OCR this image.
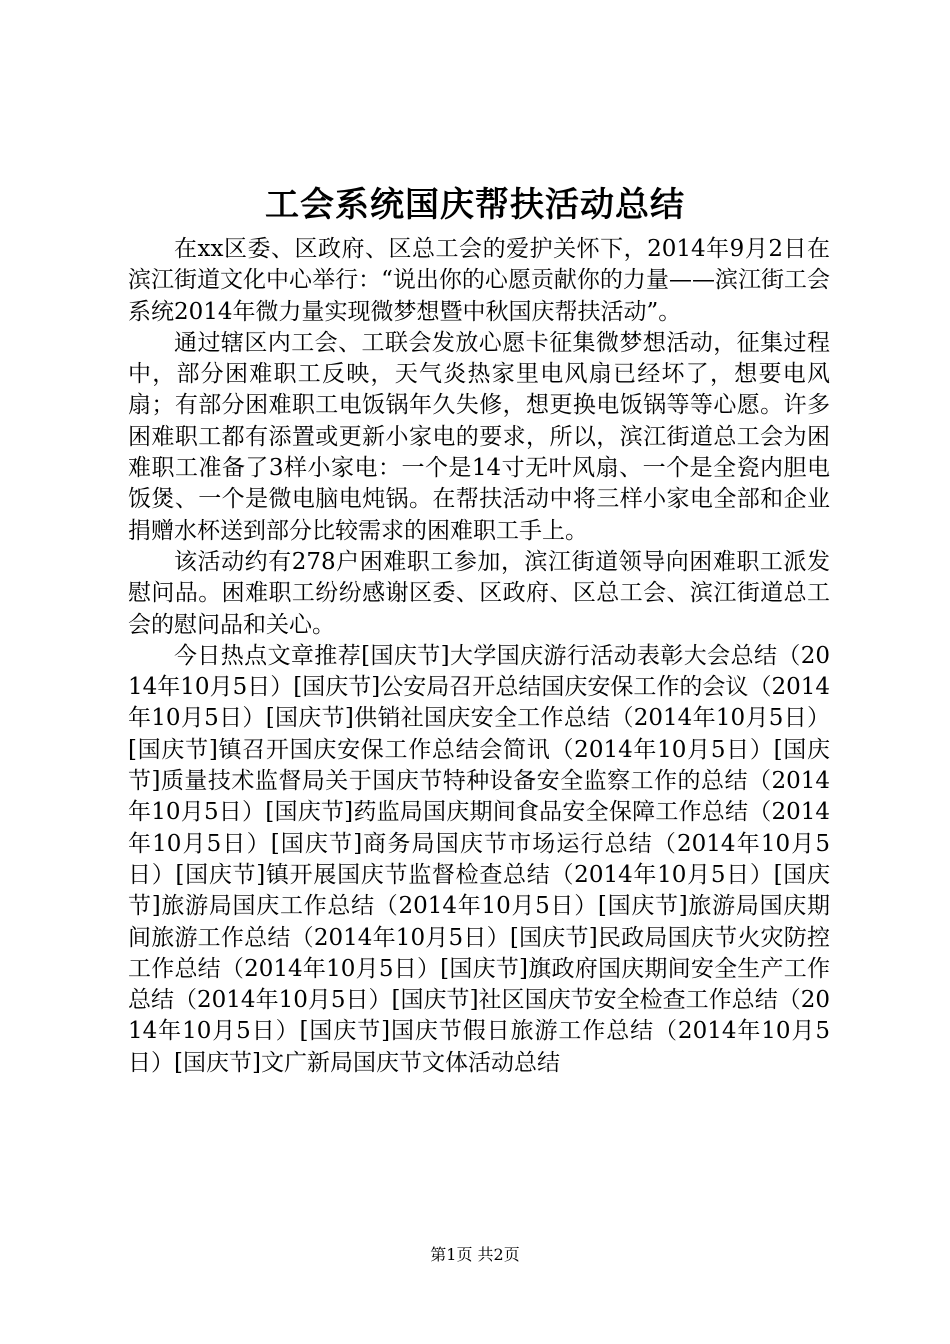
工会系统国庆帮扶活动总结

在xx区委、区政府、区总工会的爱护关怀下，2014年9月2日在滨江街道文化中心举行：“说出你的心愿贡献你的力量——滨江街工会系统2014年微力量实现微梦想暨中秋国庆帮扶活动”。

通过辖区内工会、工联会发放心愿卡征集微梦想活动，征集过程中，部分困难职工反映，天气炎热家里电风扇已经坏了，想要电风扇；有部分困难职工电饭锅年久失修，想更换电饭锅等等心愿。许多困难职工都有添置或更新小家电的要求，所以，滨江街道总工会为困难职工准备了3样小家电：一个是14寸无叶风扇、一个是全瓷内胆电饭煲、一个是微电脑电炖锅。在帮扶活动中将三样小家电全部和企业捐赠水杯送到部分比较需求的困难职工手上。

该活动约有278户困难职工参加，滨江街道领导向困难职工派发慰问品。困难职工纷纷感谢区委、区政府、区总工会、滨江街道总工会的慰问品和关心。

今日热点文章推荐[国庆节]大学国庆游行活动表彰大会总结（2014年10月5日）[国庆节]公安局召开总结国庆安保工作的会议（2014年10月5日）[国庆节]供销社国庆安全工作总结（2014年10月5日）[国庆节]镇召开国庆安保工作总结会简讯（2014年10月5日）[国庆节]质量技术监督局关于国庆节特种设备安全监察工作的总结（2014年10月5日）[国庆节]药监局国庆期间食品安全保障工作总结（2014年10月5日）[国庆节]商务局国庆节市场运行总结（2014年10月5日）[国庆节]镇开展国庆节监督检查总结（2014年10月5日）[国庆节]旅游局国庆工作总结（2014年10月5日）[国庆节]旅游局国庆期间旅游工作总结（2014年10月5日）[国庆节]民政局国庆节火灾防控工作总结（2014年10月5日）[国庆节]旗政府国庆期间安全生产工作总结（2014年10月5日）[国庆节]社区国庆节安全检查工作总结（2014年10月5日）[国庆节]国庆节假日旅游工作总结（2014年10月5日）[国庆节]文广新局国庆节文体活动总结

第1页 共2页
